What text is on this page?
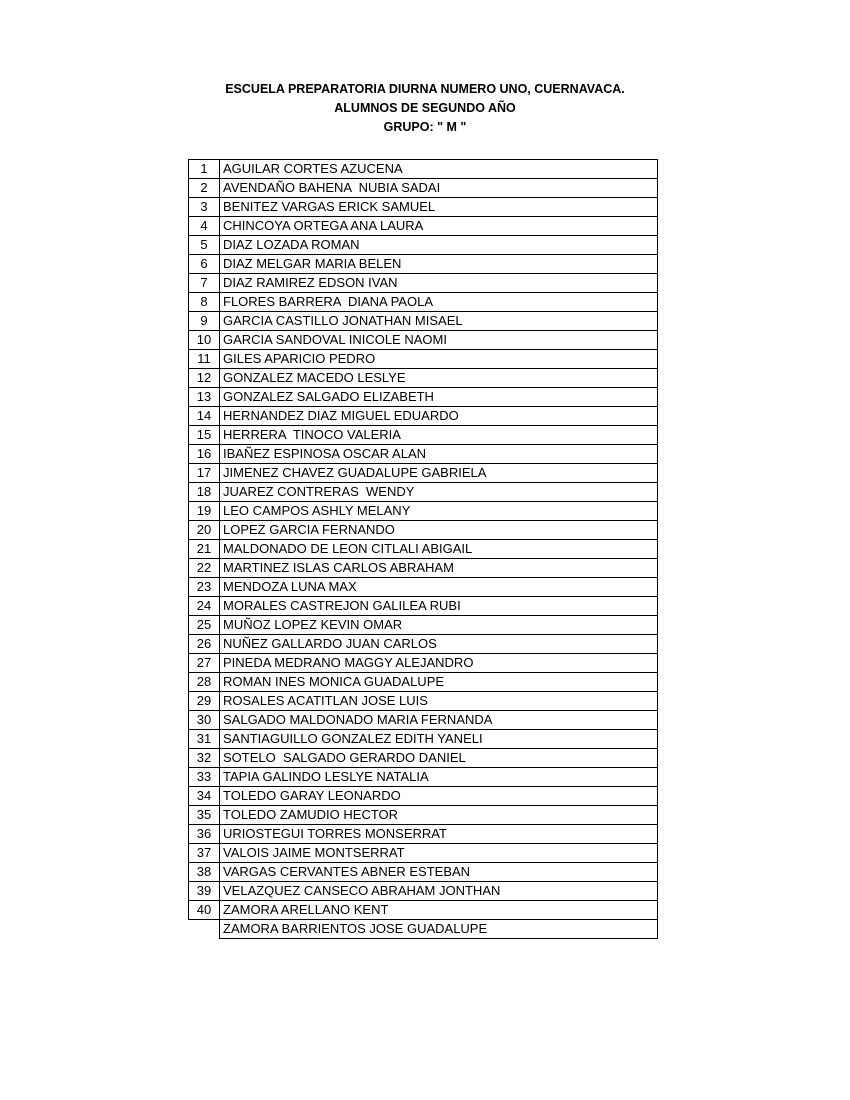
ESCUELA PREPARATORIA DIURNA NUMERO UNO, CUERNAVACA.
ALUMNOS DE SEGUNDO AÑO
GRUPO: " M "
1	AGUILAR CORTES AZUCENA
2	AVENDAÑO BAHENA  NUBIA SADAI
3	BENITEZ VARGAS ERICK SAMUEL
4	CHINCOYA ORTEGA ANA LAURA
5	DIAZ LOZADA ROMAN
6	DIAZ MELGAR MARIA BELEN
7	DIAZ RAMIREZ EDSON IVAN
8	FLORES BARRERA  DIANA PAOLA
9	GARCIA CASTILLO JONATHAN MISAEL
10	GARCIA SANDOVAL INICOLE NAOMI
11	GILES APARICIO PEDRO
12	GONZALEZ MACEDO LESLYE
13	GONZALEZ SALGADO ELIZABETH
14	HERNANDEZ DIAZ MIGUEL EDUARDO
15	HERRERA  TINOCO VALERIA
16	IBAÑEZ ESPINOSA OSCAR ALAN
17	JIMENEZ CHAVEZ GUADALUPE GABRIELA
18	JUAREZ CONTRERAS  WENDY
19	LEO CAMPOS ASHLY MELANY
20	LOPEZ GARCIA FERNANDO
21	MALDONADO DE LEON CITLALI ABIGAIL
22	MARTINEZ ISLAS CARLOS ABRAHAM
23	MENDOZA LUNA MAX
24	MORALES CASTREJON GALILEA RUBI
25	MUÑOZ LOPEZ KEVIN OMAR
26	NUÑEZ GALLARDO JUAN CARLOS
27	PINEDA MEDRANO MAGGY ALEJANDRO
28	ROMAN INES MONICA GUADALUPE
29	ROSALES ACATITLAN JOSE LUIS
30	SALGADO MALDONADO MARIA FERNANDA
31	SANTIAGUILLO GONZALEZ EDITH YANELI
32	SOTELO  SALGADO GERARDO DANIEL
33	TAPIA GALINDO LESLYE NATALIA
34	TOLEDO GARAY LEONARDO
35	TOLEDO ZAMUDIO HECTOR
36	URIOSTEGUI TORRES MONSERRAT
37	VALOIS JAIME MONTSERRAT
38	VARGAS CERVANTES ABNER ESTEBAN
39	VELAZQUEZ CANSECO ABRAHAM JONTHAN
40	ZAMORA ARELLANO KENT
	ZAMORA BARRIENTOS JOSE GUADALUPE
